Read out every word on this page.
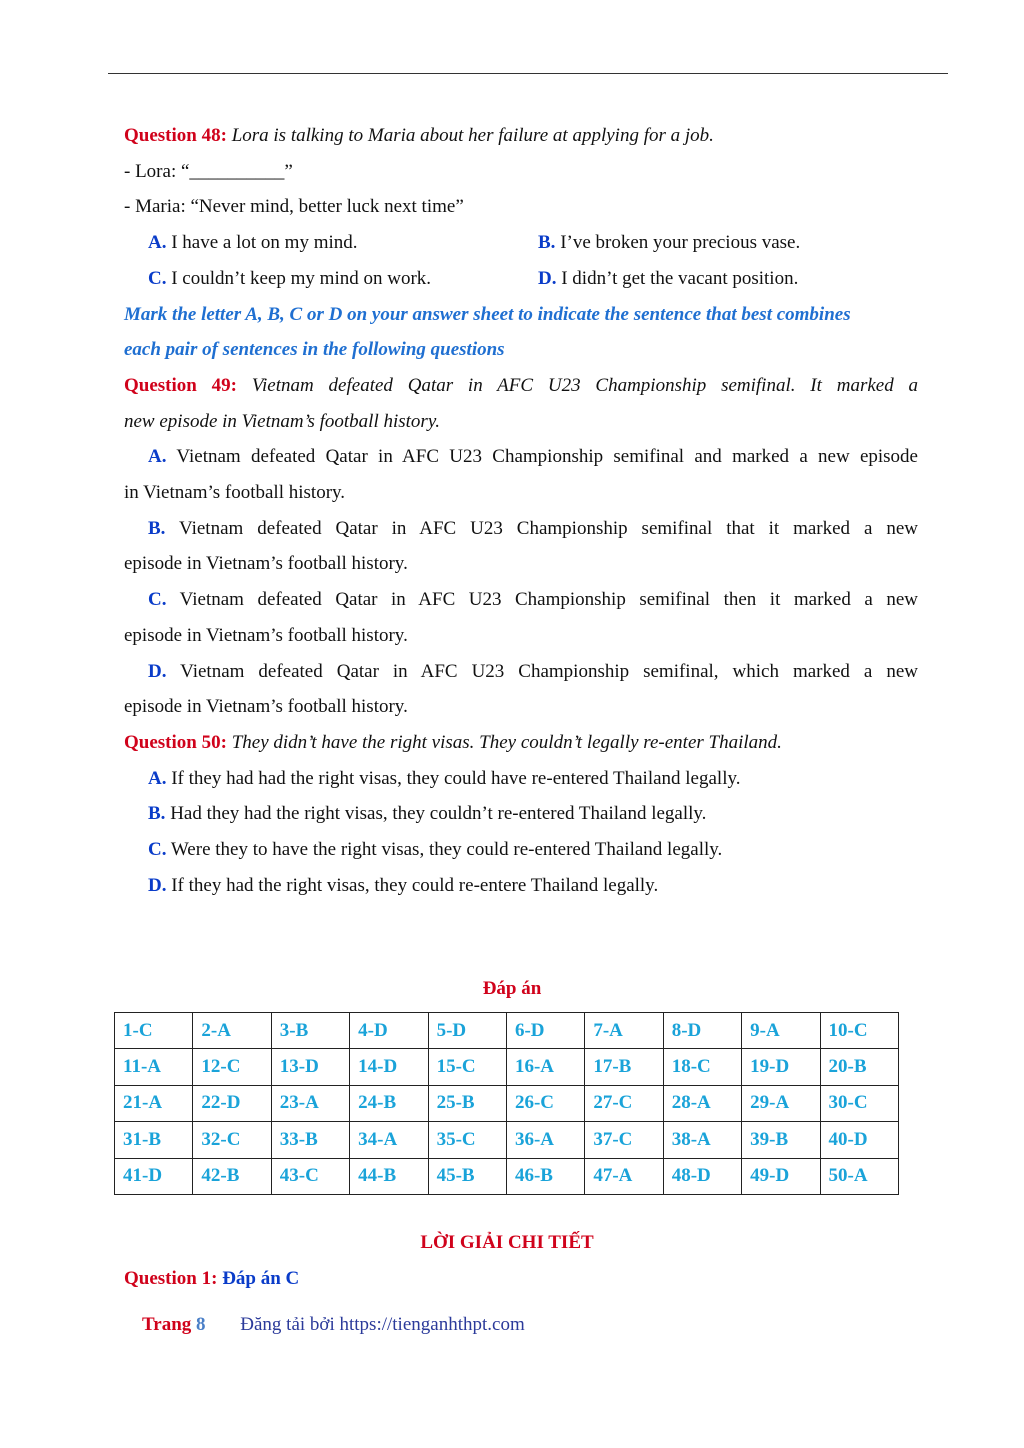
Question 48: Lora is talking to Maria about her failure at applying for a job.
- Lora: “__________”
- Maria: “Never mind, better luck next time”
A. I have a lot on my mind.	B. I’ve broken your precious vase.
C. I couldn’t keep my mind on work.	D. I didn’t get the vacant position.
Mark the letter A, B, C or D on your answer sheet to indicate the sentence that best combines
each pair of sentences in the following questions
Question 49: Vietnam defeated Qatar in AFC U23 Championship semifinal. It marked a
new episode in Vietnam’s football history.
A. Vietnam defeated Qatar in AFC U23 Championship semifinal and marked a new episode
in Vietnam’s football history.
B. Vietnam defeated Qatar in AFC U23 Championship semifinal that it marked a new
episode in Vietnam’s football history.
C. Vietnam defeated Qatar in AFC U23 Championship semifinal then it marked a new
episode in Vietnam’s football history.
D. Vietnam defeated Qatar in AFC U23 Championship semifinal, which marked a new
episode in Vietnam’s football history.
Question 50: They didn’t have the right visas. They couldn’t legally re-enter Thailand.
A. If they had had the right visas, they could have re-entered Thailand legally.
B. Had they had the right visas, they couldn’t re-entered Thailand legally.
C. Were they to have the right visas, they could re-entered Thailand legally.
D. If they had the right visas, they could re-entere Thailand legally.
Đáp án
1-C	2-A	3-B	4-D	5-D	6-D	7-A	8-D	9-A	10-C
11-A	12-C	13-D	14-D	15-C	16-A	17-B	18-C	19-D	20-B
21-A	22-D	23-A	24-B	25-B	26-C	27-C	28-A	29-A	30-C
31-B	32-C	33-B	34-A	35-C	36-A	37-C	38-A	39-B	40-D
41-D	42-B	43-C	44-B	45-B	46-B	47-A	48-D	49-D	50-A
LỜI GIẢI CHI TIẾT
Question 1: Đáp án C
Trang 8 Đăng tải bởi https://tienganhthpt.com
